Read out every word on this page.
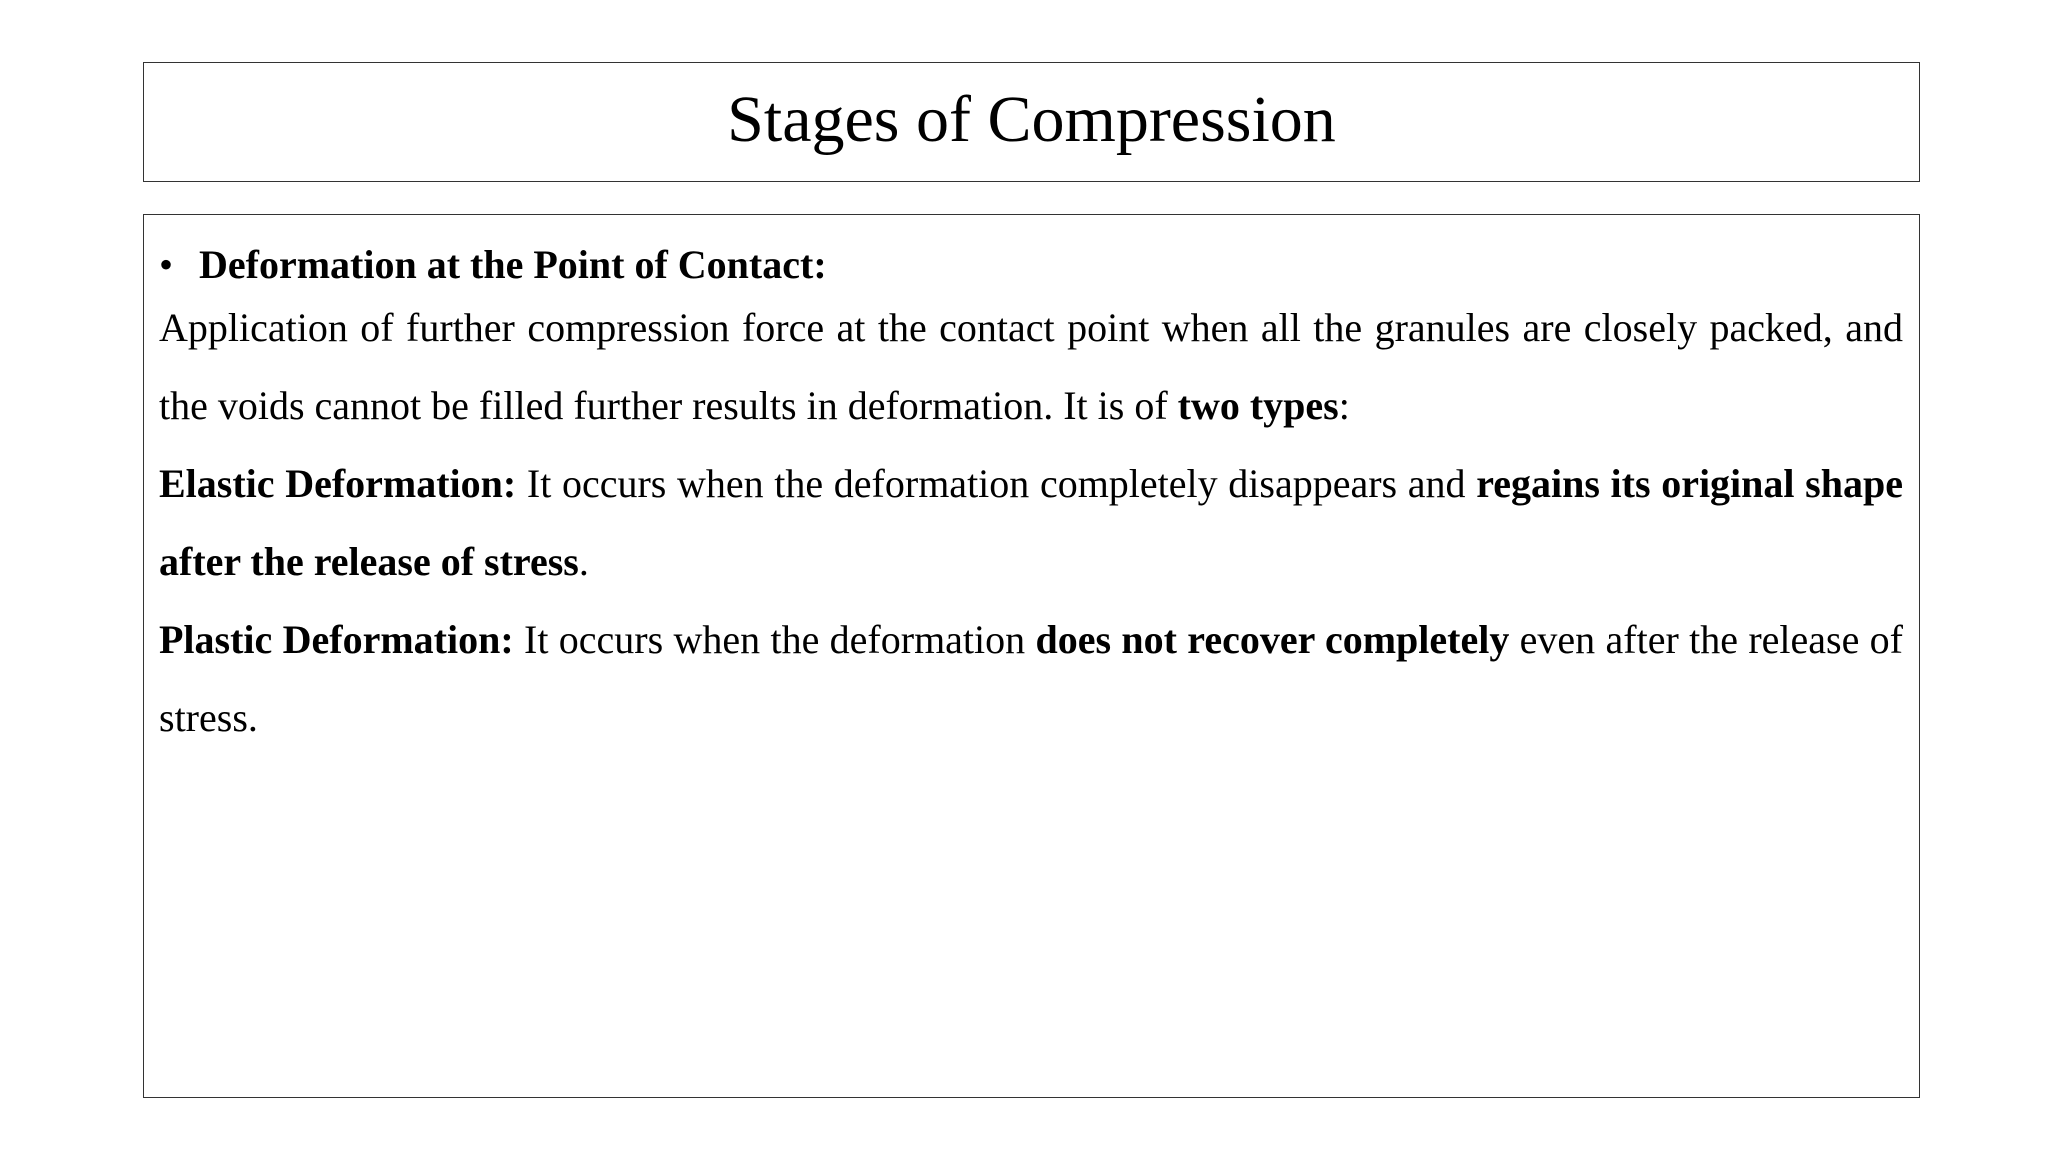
Stages of Compression
• Deformation at the Point of Contact:

Application of further compression force at the contact point when all the granules are closely packed, and the voids cannot be filled further results in deformation. It is of two types:

Elastic Deformation: It occurs when the deformation completely disappears and regains its original shape after the release of stress.

Plastic Deformation: It occurs when the deformation does not recover completely even after the release of stress.
